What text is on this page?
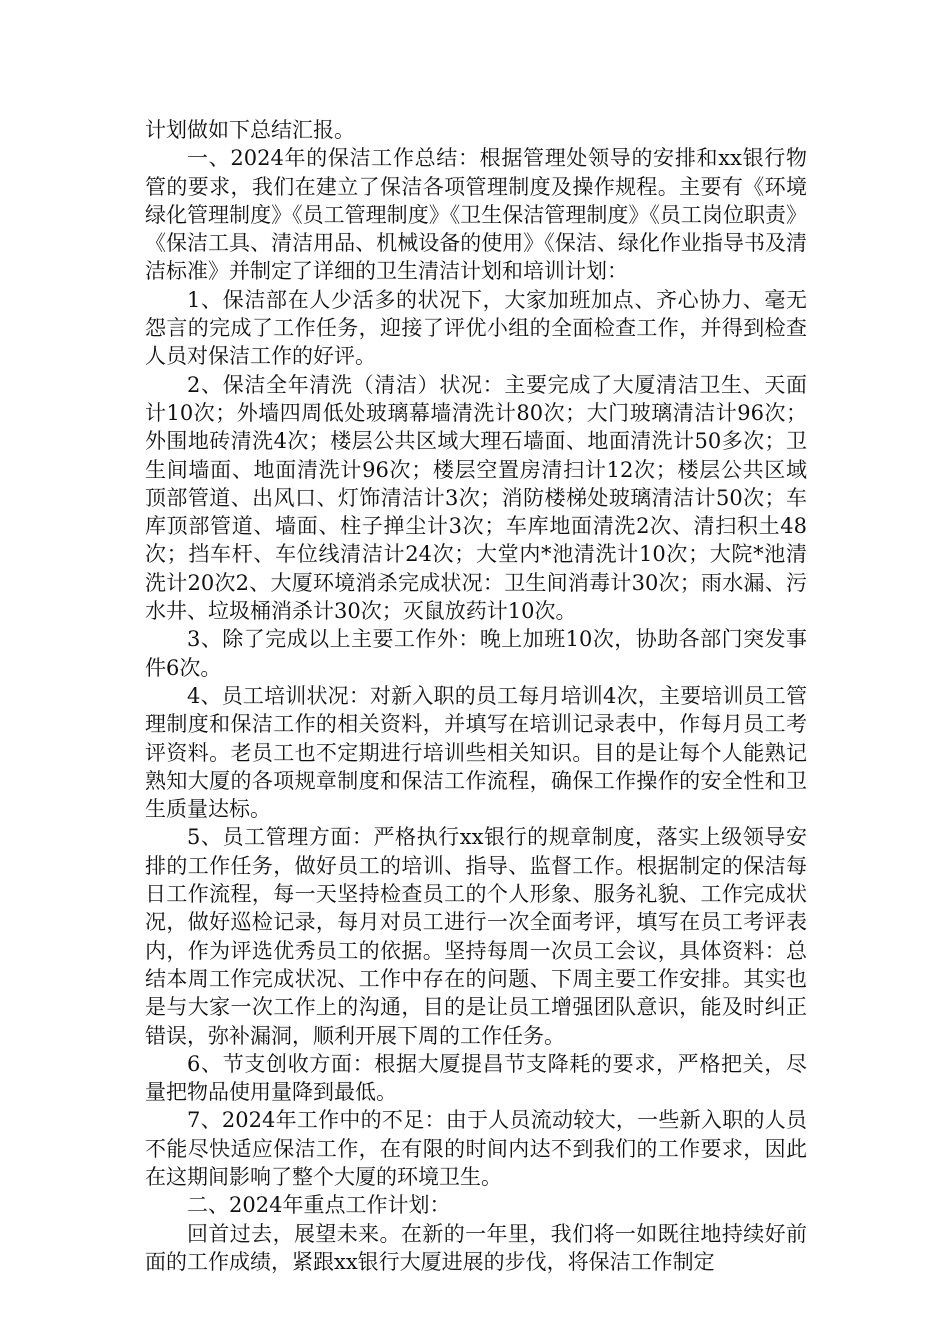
计划做如下总结汇报。

一、2024年的保洁工作总结：根据管理处领导的安排和xx银行物管的要求，我们在建立了保洁各项管理制度及操作规程。主要有《环境绿化管理制度》《员工管理制度》《卫生保洁管理制度》《员工岗位职责》《保洁工具、清洁用品、机械设备的使用》《保洁、绿化作业指导书及清洁标准》并制定了详细的卫生清洁计划和培训计划：

1、保洁部在人少活多的状况下，大家加班加点、齐心协力、毫无怨言的完成了工作任务，迎接了评优小组的全面检查工作，并得到检查人员对保洁工作的好评。

2、保洁全年清洗（清洁）状况：主要完成了大厦清洁卫生、天面计10次；外墙四周低处玻璃幕墙清洗计80次；大门玻璃清洁计96次；外围地砖清洗4次；楼层公共区域大理石墙面、地面清洗计50多次；卫生间墙面、地面清洗计96次；楼层空置房清扫计12次；楼层公共区域顶部管道、出风口、灯饰清洁计3次；消防楼梯处玻璃清洁计50次；车库顶部管道、墙面、柱子掸尘计3次；车库地面清洗2次、清扫积土48次；挡车杆、车位线清洁计24次；大堂内*池清洗计10次；大院*池清洗计20次2、大厦环境消杀完成状况：卫生间消毒计30次；雨水漏、污水井、垃圾桶消杀计30次；灭鼠放药计10次。

3、除了完成以上主要工作外：晚上加班10次，协助各部门突发事件6次。

4、员工培训状况：对新入职的员工每月培训4次，主要培训员工管理制度和保洁工作的相关资料，并填写在培训记录表中，作每月员工考评资料。老员工也不定期进行培训些相关知识。目的是让每个人能熟记熟知大厦的各项规章制度和保洁工作流程，确保工作操作的安全性和卫生质量达标。

5、员工管理方面：严格执行xx银行的规章制度，落实上级领导安排的工作任务，做好员工的培训、指导、监督工作。根据制定的保洁每日工作流程，每一天坚持检查员工的个人形象、服务礼貌、工作完成状况，做好巡检记录，每月对员工进行一次全面考评，填写在员工考评表内，作为评选优秀员工的依据。坚持每周一次员工会议，具体资料：总结本周工作完成状况、工作中存在的问题、下周主要工作安排。其实也是与大家一次工作上的沟通，目的是让员工增强团队意识，能及时纠正错误，弥补漏洞，顺利开展下周的工作任务。

6、节支创收方面：根据大厦提昌节支降耗的要求，严格把关，尽量把物品使用量降到最低。

7、2024年工作中的不足：由于人员流动较大，一些新入职的人员不能尽快适应保洁工作，在有限的时间内达不到我们的工作要求，因此在这期间影响了整个大厦的环境卫生。

二、2024年重点工作计划：

回首过去，展望未来。在新的一年里，我们将一如既往地持续好前面的工作成绩，紧跟xx银行大厦进展的步伐，将保洁工作制定
